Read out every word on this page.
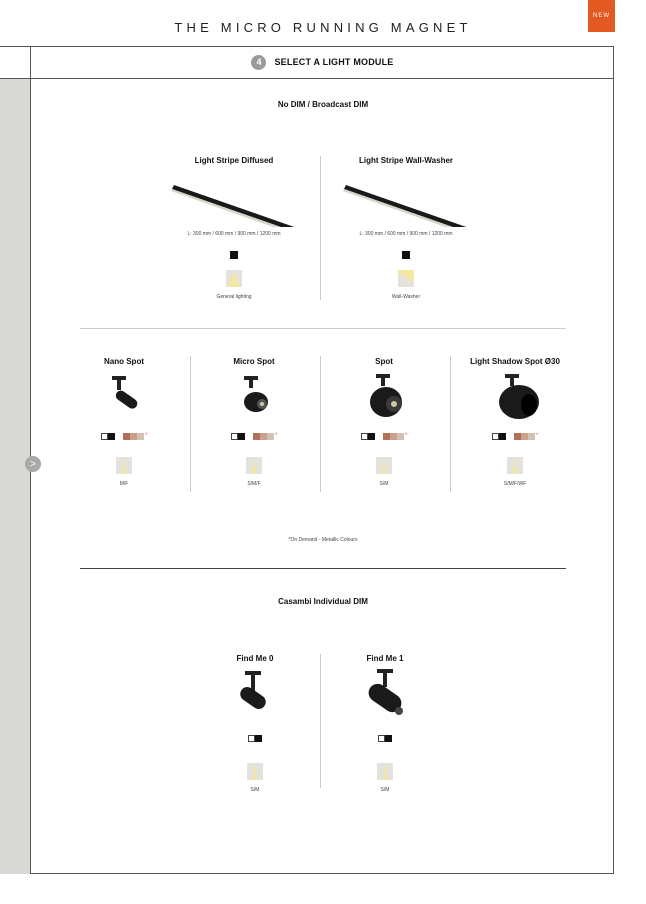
THE MICRO RUNNING MAGNET
NEW
>
4	SELECT A LIGHT MODULE
No DIM / Broadcast DIM
Light Stripe Diffused
L: 300 mm / 600 mm / 900 mm / 1200 mm
General lighting
Light Stripe Wall-Washer
L: 300 mm / 600 mm / 900 mm / 1200 mm
Wall-Washer
Nano Spot
*
M/F
Micro Spot
*
S/M/F
Spot
*
S/M
Light Shadow Spot Ø30
*
S/M/F/WF
*On Demand - Metallic Colours
Casambi Individual DIM
Find Me 0
S/M
Find Me 1
S/M
